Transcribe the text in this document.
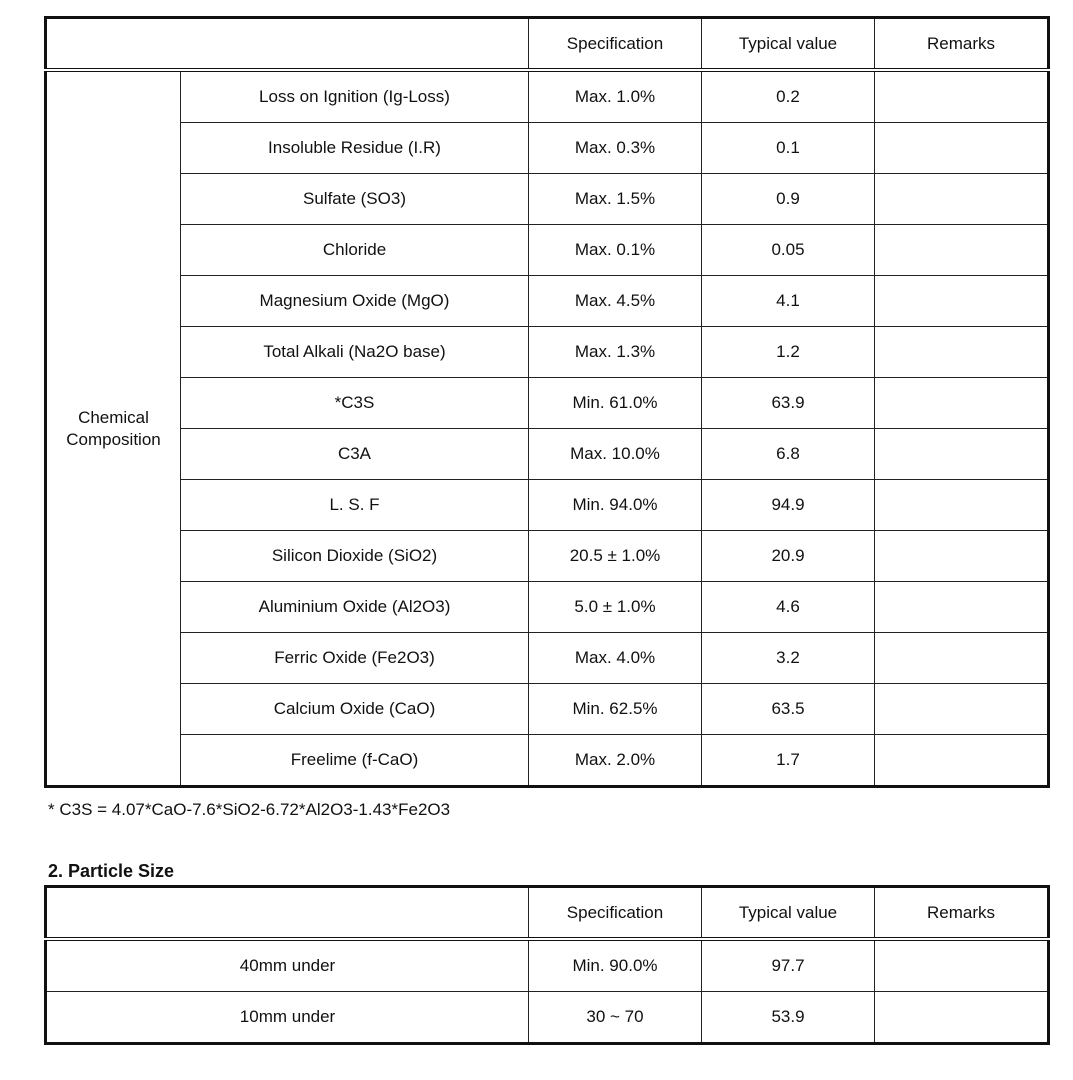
		Specification	Typical value	Remarks
Chemical Composition	Loss on Ignition (Ig-Loss)	Max. 1.0%	0.2	
	Insoluble Residue (I.R)	Max. 0.3%	0.1	
	Sulfate (SO3)	Max. 1.5%	0.9	
	Chloride	Max. 0.1%	0.05	
	Magnesium Oxide (MgO)	Max. 4.5%	4.1	
	Total Alkali (Na2O base)	Max. 1.3%	1.2	
	*C3S	Min. 61.0%	63.9	
	C3A	Max. 10.0%	6.8	
	L. S. F	Min. 94.0%	94.9	
	Silicon Dioxide (SiO2)	20.5 ± 1.0%	20.9	
	Aluminium Oxide (Al2O3)	5.0 ± 1.0%	4.6	
	Ferric Oxide (Fe2O3)	Max. 4.0%	3.2	
	Calcium Oxide (CaO)	Min. 62.5%	63.5	
	Freelime (f-CaO)	Max. 2.0%	1.7	
* C3S = 4.07*CaO-7.6*SiO2-6.72*Al2O3-1.43*Fe2O3
2. Particle Size
	Specification	Typical value	Remarks
40mm under	Min. 90.0%	97.7	
10mm under	30 ~ 70	53.9	
